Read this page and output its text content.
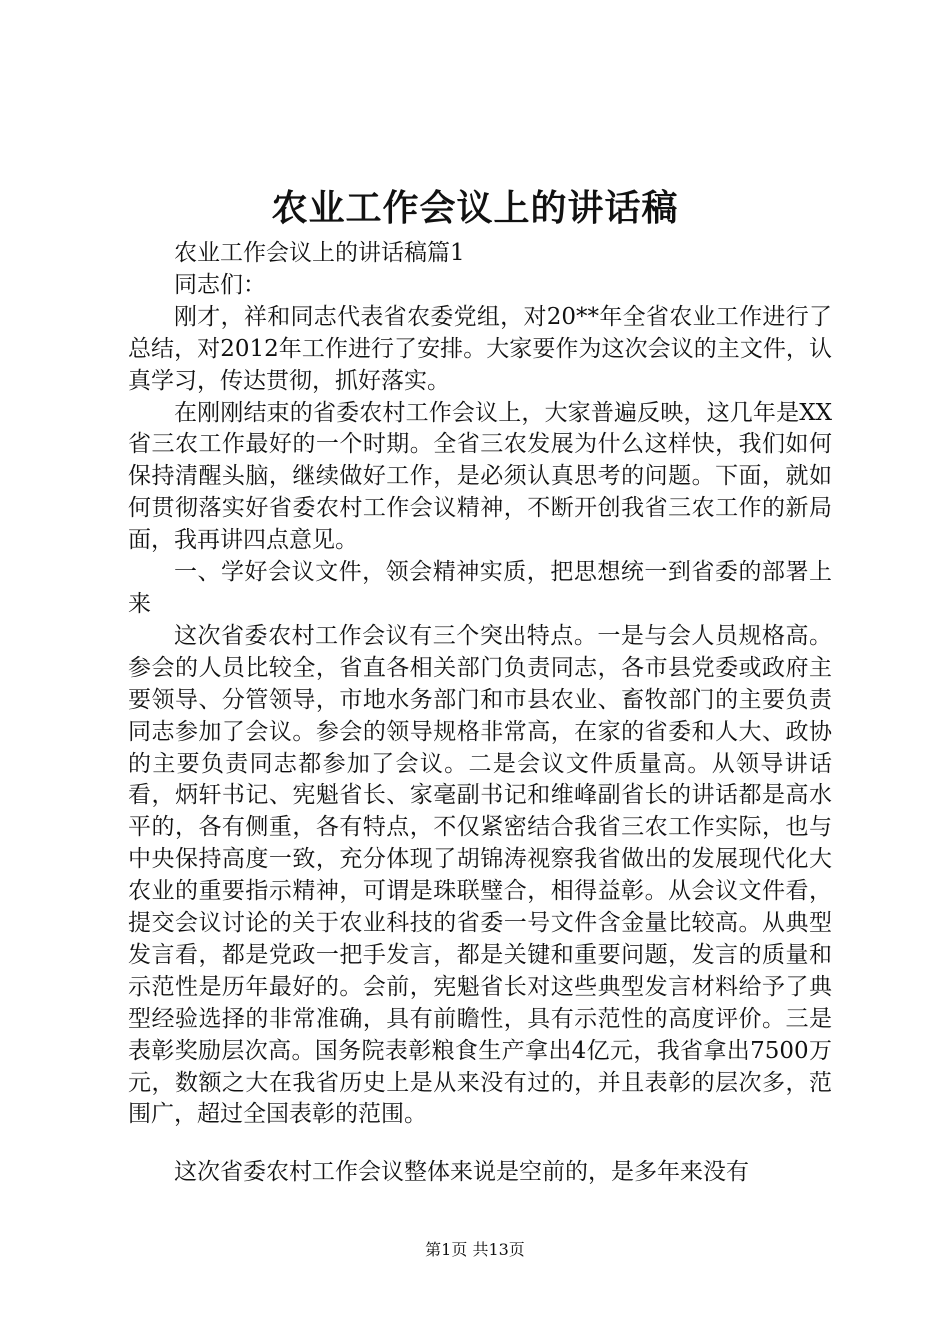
农业工作会议上的讲话稿

农业工作会议上的讲话稿篇1

同志们：

刚才，祥和同志代表省农委党组，对20**年全省农业工作进行了总结，对2012年工作进行了安排。大家要作为这次会议的主文件，认真学习，传达贯彻，抓好落实。

在刚刚结束的省委农村工作会议上，大家普遍反映，这几年是XX省三农工作最好的一个时期。全省三农发展为什么这样快，我们如何保持清醒头脑，继续做好工作，是必须认真思考的问题。下面，就如何贯彻落实好省委农村工作会议精神，不断开创我省三农工作的新局面，我再讲四点意见。

一、学好会议文件，领会精神实质，把思想统一到省委的部署上来

这次省委农村工作会议有三个突出特点。一是与会人员规格高。参会的人员比较全，省直各相关部门负责同志，各市县党委或政府主要领导、分管领导，市地水务部门和市县农业、畜牧部门的主要负责同志参加了会议。参会的领导规格非常高，在家的省委和人大、政协的主要负责同志都参加了会议。二是会议文件质量高。从领导讲话看，炳轩书记、宪魁省长、家毫副书记和维峰副省长的讲话都是高水平的，各有侧重，各有特点，不仅紧密结合我省三农工作实际，也与中央保持高度一致，充分体现了胡锦涛视察我省做出的发展现代化大农业的重要指示精神，可谓是珠联璧合，相得益彰。从会议文件看，提交会议讨论的关于农业科技的省委一号文件含金量比较高。从典型发言看，都是党政一把手发言，都是关键和重要问题，发言的质量和示范性是历年最好的。会前，宪魁省长对这些典型发言材料给予了典型经验选择的非常准确，具有前瞻性，具有示范性的高度评价。三是表彰奖励层次高。国务院表彰粮食生产拿出4亿元，我省拿出7500万元，数额之大在我省历史上是从来没有过的，并且表彰的层次多，范围广，超过全国表彰的范围。

这次省委农村工作会议整体来说是空前的，是多年来没有

第1页 共13页
